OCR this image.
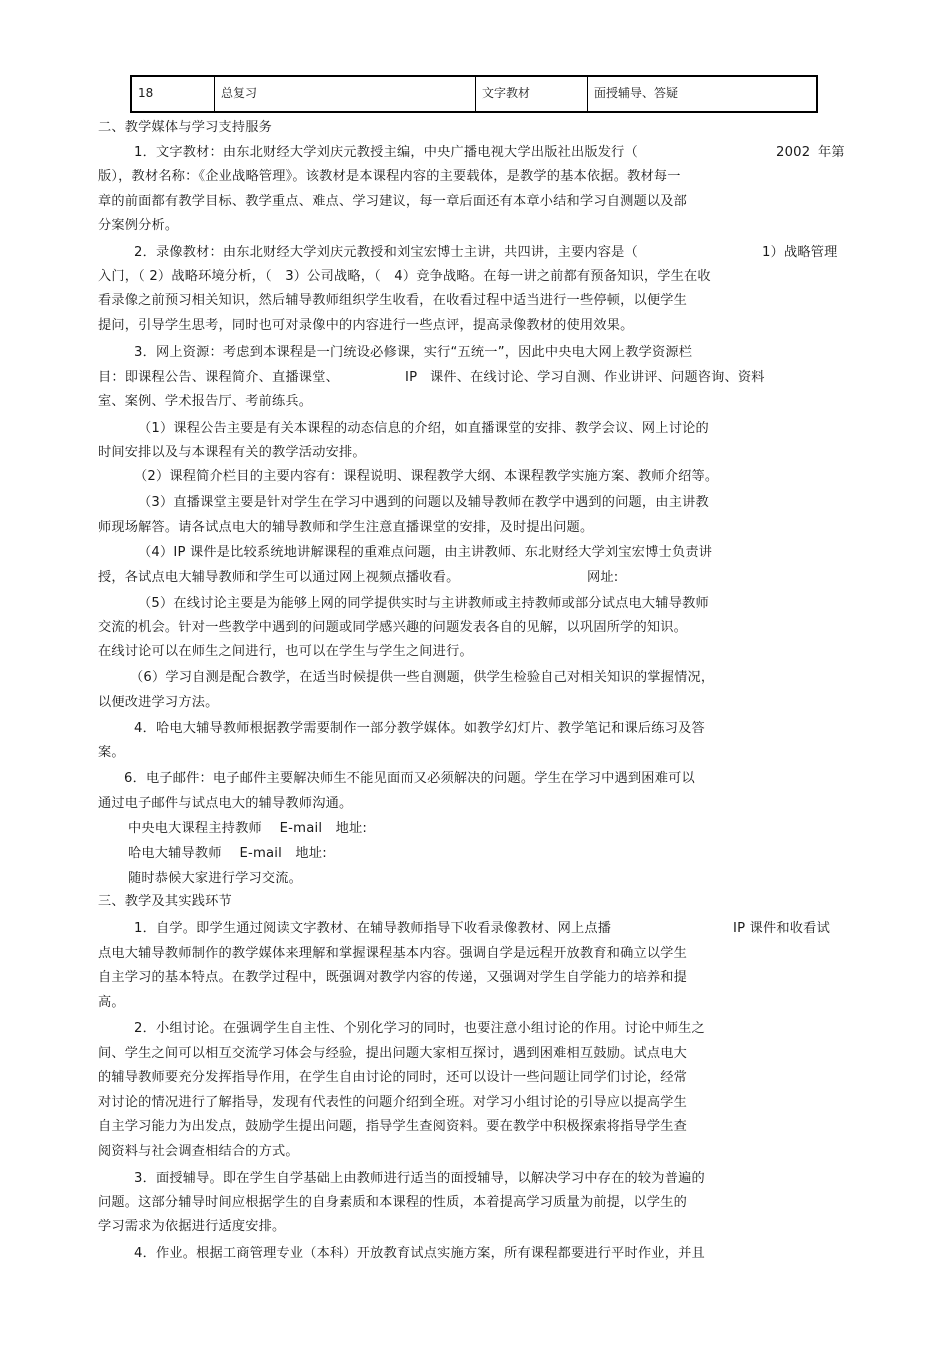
18	总复习	文字教材	面授辅导、答疑
二、教学媒体与学习支持服务
1．文字教材：由东北财经大学刘庆元教授主编，中央广播电视大学出版社出版发行（	2002 年第
版），教材名称：《企业战略管理》。该教材是本课程内容的主要载体，是教学的基本依据。教材每一
章的前面都有教学目标、教学重点、难点、学习建议，每一章后面还有本章小结和学习自测题以及部
分案例分析。
2．录像教材：由东北财经大学刘庆元教授和刘宝宏博士主讲，共四讲，主要内容是（	1）战略管理
入门，（ 2）战略环境分析，（　3）公司战略，（　4）竞争战略。在每一讲之前都有预备知识，学生在收
看录像之前预习相关知识，然后辅导教师组织学生收看，在收看过程中适当进行一些停顿，以便学生
提问，引导学生思考，同时也可对录像中的内容进行一些点评，提高录像教材的使用效果。
3．网上资源：考虑到本课程是一门统设必修课，实行“五统一”，因此中央电大网上教学资源栏
目：即课程公告、课程简介、直播课堂、	IP 课件、在线讨论、学习自测、作业讲评、问题咨询、资料
室、案例、学术报告厅、考前练兵。
（1）课程公告主要是有关本课程的动态信息的介绍，如直播课堂的安排、教学会议、网上讨论的
时间安排以及与本课程有关的教学活动安排。
（2）课程简介栏目的主要内容有：课程说明、课程教学大纲、本课程教学实施方案、教师介绍等。
（3）直播课堂主要是针对学生在学习中遇到的问题以及辅导教师在教学中遇到的问题，由主讲教
师现场解答。请各试点电大的辅导教师和学生注意直播课堂的安排，及时提出问题。
（4）IP 课件是比较系统地讲解课程的重难点问题，由主讲教师、东北财经大学刘宝宏博士负责讲
授，各试点电大辅导教师和学生可以通过网上视频点播收看。	网址:
（5）在线讨论主要是为能够上网的同学提供实时与主讲教师或主持教师或部分试点电大辅导教师
交流的机会。针对一些教学中遇到的问题或同学感兴趣的问题发表各自的见解，以巩固所学的知识。
在线讨论可以在师生之间进行，也可以在学生与学生之间进行。
（6）学习自测是配合教学，在适当时候提供一些自测题，供学生检验自己对相关知识的掌握情况，
以便改进学习方法。
4．哈电大辅导教师根据教学需要制作一部分教学媒体。如教学幻灯片、教学笔记和课后练习及答
案。
6．电子邮件：电子邮件主要解决师生不能见面而又必须解决的问题。学生在学习中遇到困难可以
通过电子邮件与试点电大的辅导教师沟通。
中央电大课程主持教师　 E-mail　地址:
哈电大辅导教师　 E-mail　地址:
随时恭候大家进行学习交流。
三、教学及其实践环节
1．自学。即学生通过阅读文字教材、在辅导教师指导下收看录像教材、网上点播	IP 课件和收看试
点电大辅导教师制作的教学媒体来理解和掌握课程基本内容。强调自学是远程开放教育和确立以学生
自主学习的基本特点。在教学过程中，既强调对教学内容的传递，又强调对学生自学能力的培养和提
高。
2．小组讨论。在强调学生自主性、个别化学习的同时，也要注意小组讨论的作用。讨论中师生之
间、学生之间可以相互交流学习体会与经验，提出问题大家相互探讨，遇到困难相互鼓励。试点电大
的辅导教师要充分发挥指导作用，在学生自由讨论的同时，还可以设计一些问题让同学们讨论，经常
对讨论的情况进行了解指导，发现有代表性的问题介绍到全班。对学习小组讨论的引导应以提高学生
自主学习能力为出发点，鼓励学生提出问题，指导学生查阅资料。要在教学中积极探索将指导学生查
阅资料与社会调查相结合的方式。
3．面授辅导。即在学生自学基础上由教师进行适当的面授辅导，以解决学习中存在的较为普遍的
问题。这部分辅导时间应根据学生的自身素质和本课程的性质，本着提高学习质量为前提，以学生的
学习需求为依据进行适度安排。
4．作业。根据工商管理专业（本科）开放教育试点实施方案，所有课程都要进行平时作业，并且
